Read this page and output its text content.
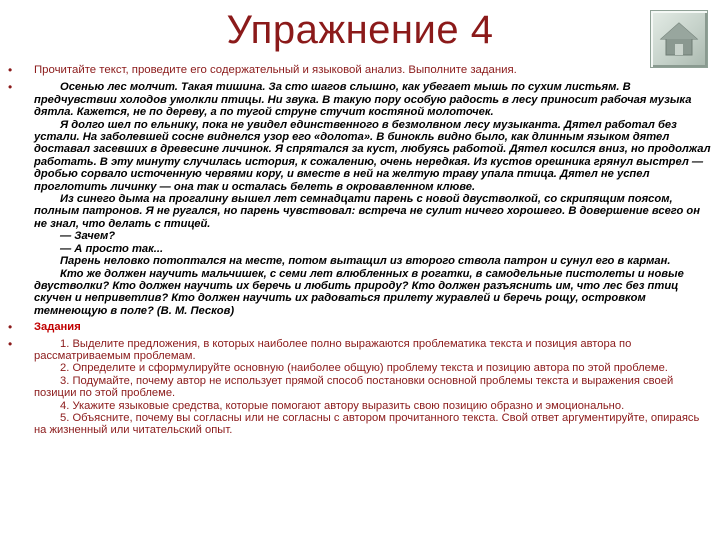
Упражнение 4
• Прочитайте текст, проведите его содержательный и языковой анализ. Выполните задания.
•	Осенью лес молчит. Такая тишина. За сто шагов слышно, как убегает мышь по сухим листьям. В предчувствии холодов умолкли птицы. Ни звука. В такую пору особую радость в лесу приносит рабочая музыка дятла. Кажется, не по дереву, а по тугой струне стучит костяной молоточек.

Я долго шел по ельнику, пока не увидел единственного в безмолвном лесу музыканта. Дятел работал без устали. На заболевшей сосне виднелся узор его «долота». В бинокль видно было, как длинным языком дятел доставал засевших в древесине личинок. Я спрятался за куст, любуясь работой. Дятел косился вниз, но продолжал работать. В эту минуту случилась история, к сожалению, очень нередкая. Из кустов орешника грянул выстрел — дробью сорвало источенную червями кору, и вместе в ней на желтую траву упала птица. Дятел не успел проглотить личинку — она так и осталась белеть в окровавленном клюве.

Из синего дыма на прогалину вышел лет семнадцати парень с новой двустволкой, со скрипящим поясом, полным патронов. Я не ругался, но парень чувствовал: встреча не сулит ничего хорошего. В довершение всего он не знал, что делать с птицей.

— Зачем?

— А просто так...

Парень неловко потоптался на месте, потом вытащил из второго ствола патрон и сунул его в карман.

Кто же должен научить мальчишек, с семи лет влюбленных в рогатки, в самодельные пистолеты и новые двустволки? Кто должен научить их беречь и любить природу? Кто должен разъяснить им, что лес без птиц скучен и неприветлив? Кто должен научить их радоваться прилету журавлей и беречь рощу, островком темнеющую в поле? (В. М. Песков)

• Задания
•	1. Выделите предложения, в которых наиболее полно выражаются проблематика текста и позиция автора по рассматриваемым проблемам.

2. Определите и сформулируйте основную (наиболее общую) проблему текста и позицию автора по этой проблеме.

3. Подумайте, почему автор не использует прямой способ постановки основной проблемы текста и выражения своей позиции по этой проблеме.

4. Укажите языковые средства, которые помогают автору выразить свою позицию образно и эмоционально.

5. Объясните, почему вы согласны или не согласны с автором прочитанного текста. Свой ответ аргументируйте, опираясь на жизненный или читательский опыт.
